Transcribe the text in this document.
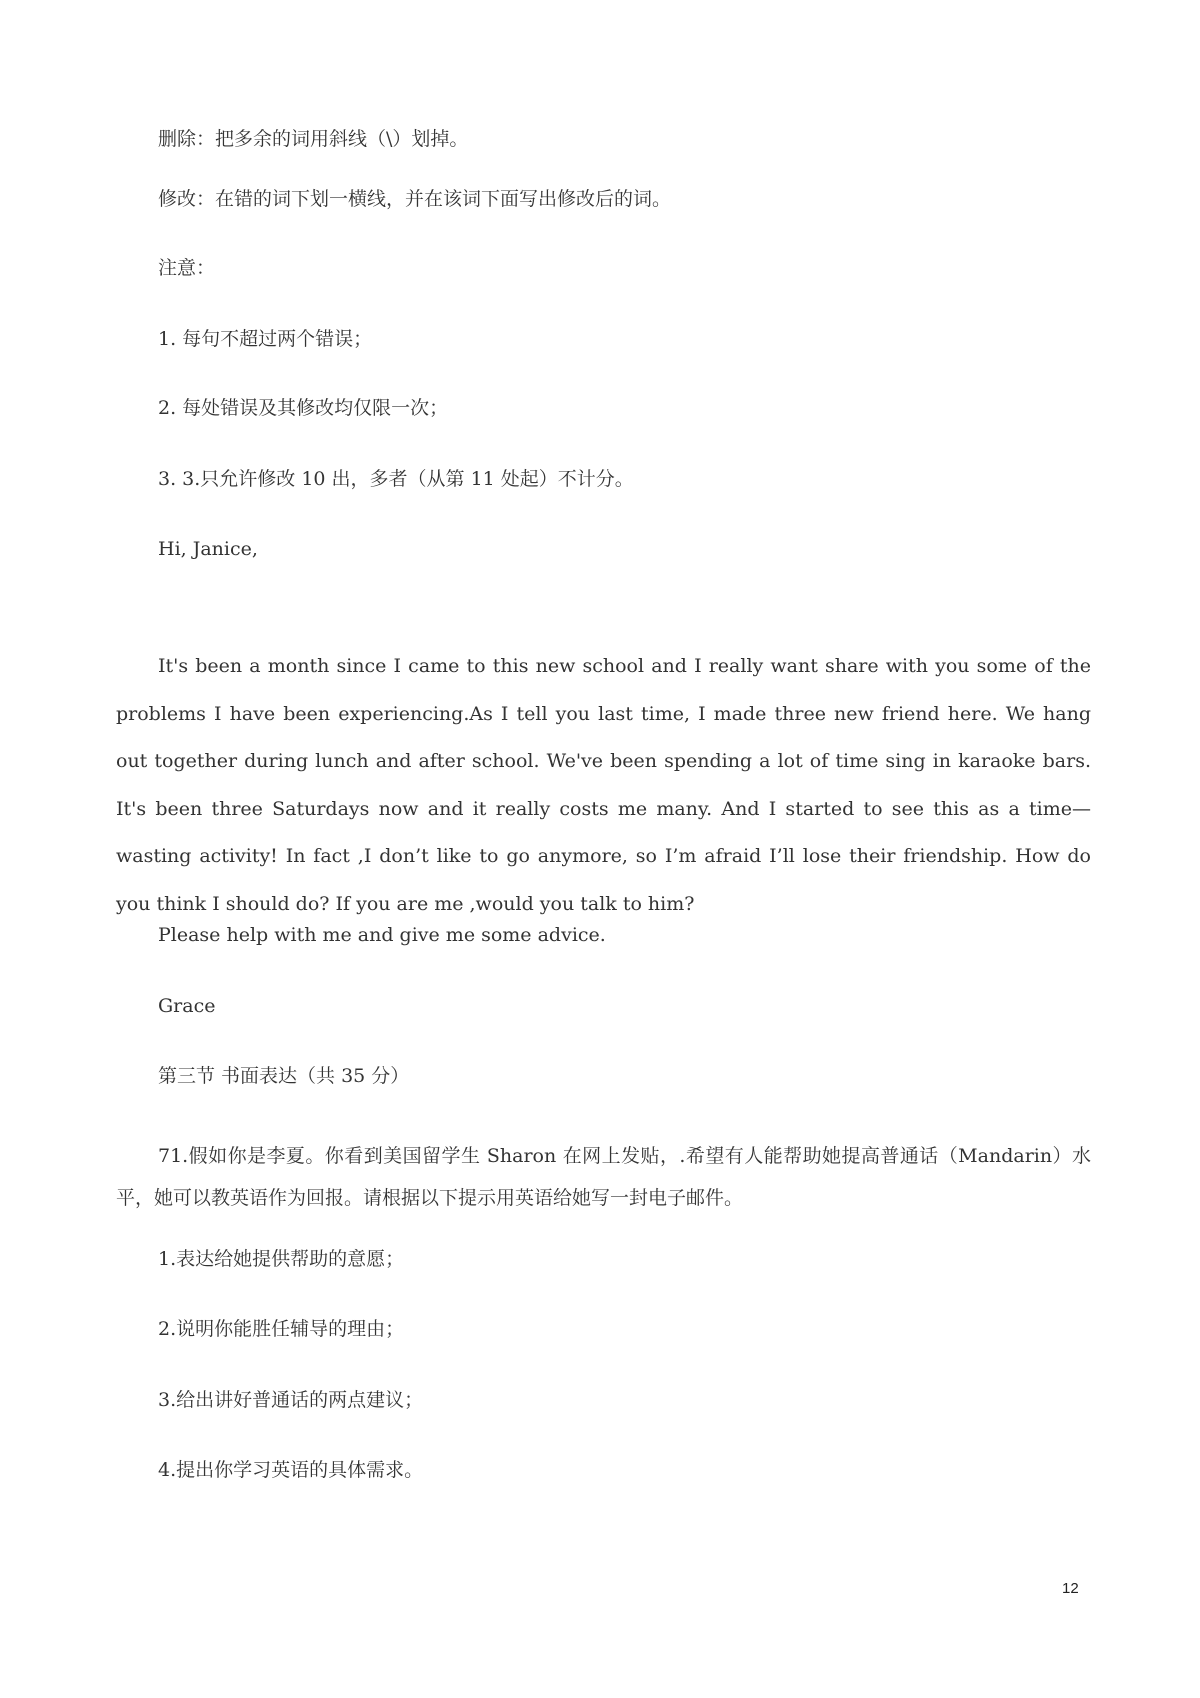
删除：把多余的词用斜线（\）划掉。

修改：在错的词下划一横线，并在该词下面写出修改后的词。

注意：

1. 每句不超过两个错误；

2. 每处错误及其修改均仅限一次；

3. 3.只允许修改 10 出，多者（从第 11 处起）不计分。

Hi, Janice,

It's been a month since I came to this new school and I really want share with you some of the problems I have been experiencing.As I tell you last time, I made three new friend here. We hang out together during lunch and after school. We've been spending a lot of time sing in karaoke bars. It's been three Saturdays now and it really costs me many. And I started to see this as a time—wasting activity! In fact ,I don’t like to go anymore, so I’m afraid I’ll lose their friendship. How do you think I should do? If you are me ,would you talk to him?

Please help with me and give me some advice.

Grace

第三节 书面表达（共 35 分）

71.假如你是李夏。你看到美国留学生 Sharon 在网上发贴，.希望有人能帮助她提高普通话（Mandarin）水平，她可以教英语作为回报。请根据以下提示用英语给她写一封电子邮件。

1.表达给她提供帮助的意愿；

2.说明你能胜任辅导的理由；

3.给出讲好普通话的两点建议；

4.提出你学习英语的具体需求。

12
